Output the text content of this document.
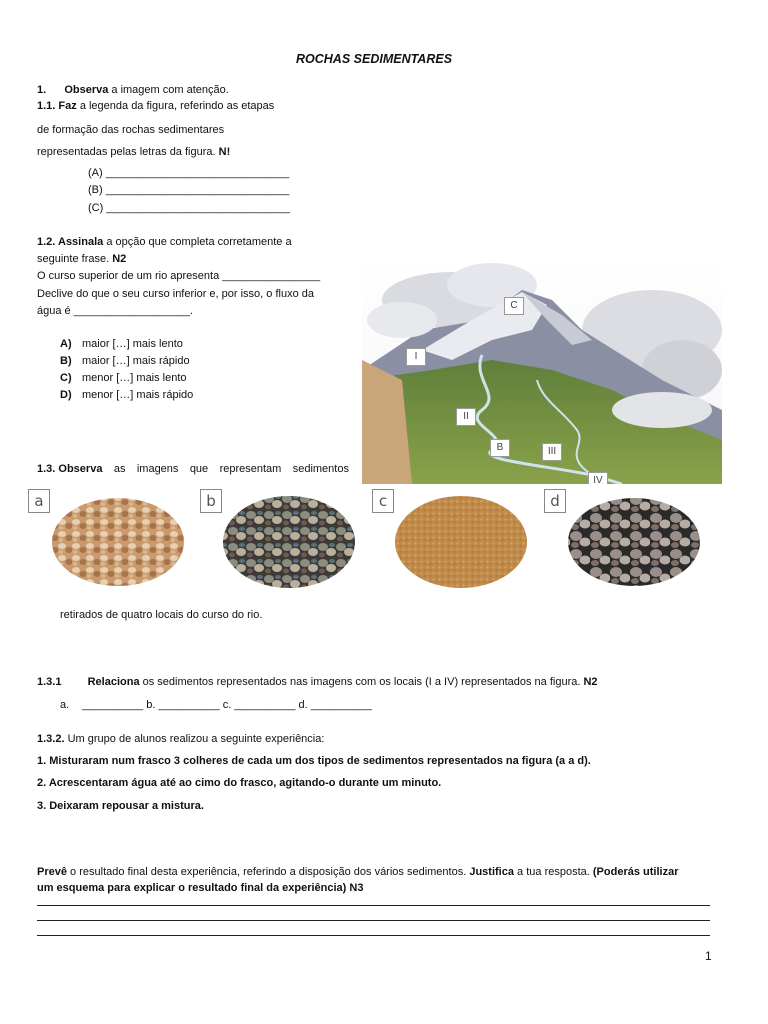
ROCHAS SEDIMENTARES
1. Observa a imagem com atenção.
1.1. Faz a legenda da figura, referindo as etapas
de formação das rochas sedimentares
representadas pelas letras da figura. N!
(A) ______________________________
(B) ______________________________
(C) ______________________________
1.2. Assinala a opção que completa corretamente a
seguinte frase. N2
O curso superior de um rio apresenta ________________
Declive do que o seu curso inferior e, por isso, o fluxo da
água é ___________________.
A) maior […] mais lento
B) maior […] mais rápido
C) menor […] mais lento
D) menor […] mais rápido
C
I
II
B	III
IV
1.3. Observa as imagens que representam sedimentos
a	b	c	d
retirados de quatro locais do curso do rio.
1.3.1 Relaciona os sedimentos representados nas imagens com os locais (I a IV) representados na figura. N2
a. __________ b. __________ c. __________ d. __________
1.3.2. Um grupo de alunos realizou a seguinte experiência:
1. Misturaram num frasco 3 colheres de cada um dos tipos de sedimentos representados na figura (a a d).
2. Acrescentaram água até ao cimo do frasco, agitando-o durante um minuto.
3. Deixaram repousar a mistura.
Prevê o resultado final desta experiência, referindo a disposição dos vários sedimentos. Justifica a tua resposta. (Poderás utilizar
um esquema para explicar o resultado final da experiência) N3
1
